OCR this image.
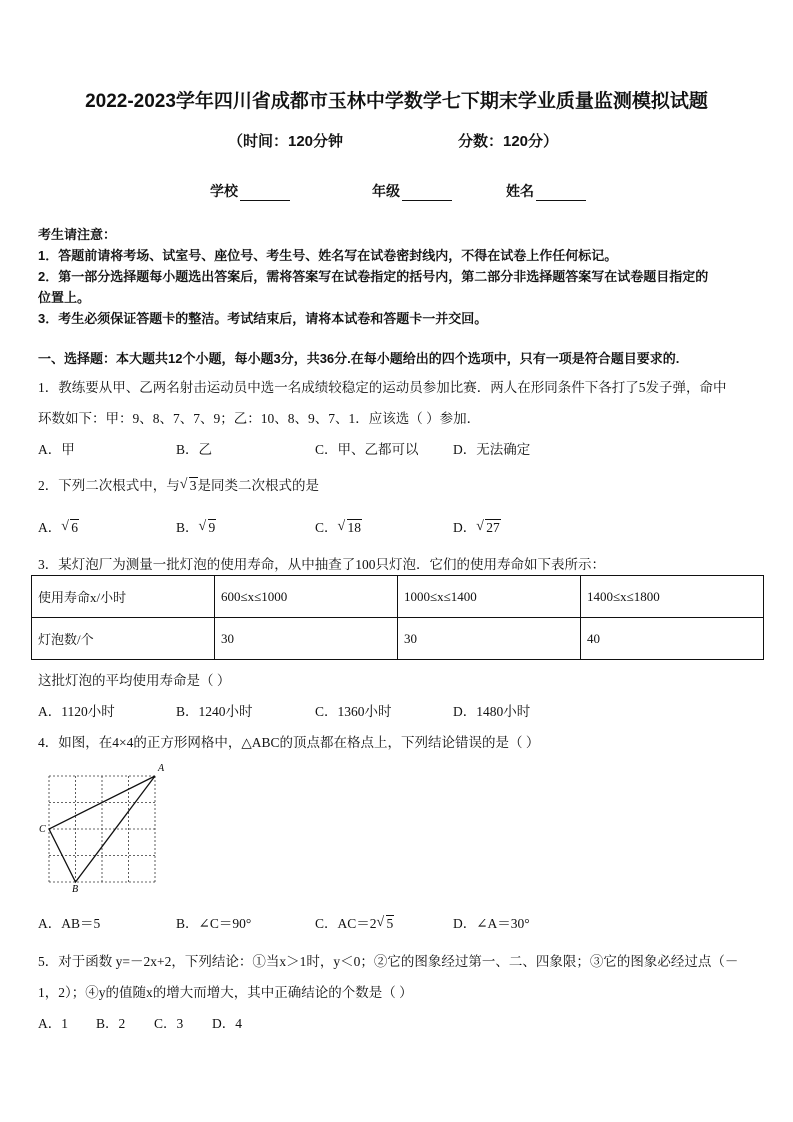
2022-2023学年四川省成都市玉林中学数学七下期末学业质量监测模拟试题
（时间：120分钟	分数：120分）
学校	年级	姓名
考生请注意：
1．答题前请将考场、试室号、座位号、考生号、姓名写在试卷密封线内，不得在试卷上作任何标记。
2．第一部分选择题每小题选出答案后，需将答案写在试卷指定的括号内，第二部分非选择题答案写在试卷题目指定的
位置上。
3．考生必须保证答题卡的整洁。考试结束后，请将本试卷和答题卡一并交回。
一、选择题：本大题共12个小题，每小题3分，共36分.在每小题给出的四个选项中，只有一项是符合题目要求的.
1．教练要从甲、乙两名射击运动员中选一名成绩较稳定的运动员参加比赛．两人在形同条件下各打了5发子弹，命中
环数如下：甲：9、8、7、7、9；乙：10、8、9、7、1．应该选（ ）参加．
A．甲	B．乙	C．甲、乙都可以	D．无法确定
2．下列二次根式中，与 √ 3是同类二次根式的是
A． √ 6	B． √ 9	C． √ 18	D． √ 27
3．某灯泡厂为测量一批灯泡的使用寿命，从中抽查了100只灯泡．它们的使用寿命如下表所示：
使用寿命x/小时	600≤x≤1000	1000≤x≤1400	1400≤x≤1800
灯泡数/个	30	30	40
这批灯泡的平均使用寿命是（ ）
A．1120小时	B．1240小时	C．1360小时	D．1480小时
4．如图，在4×4的正方形网格中，△ABC的顶点都在格点上，下列结论错误的是（ ）
A
C
B
A．AB＝5	B．∠C＝90°	C．AC＝2 √ 5	D．∠A＝30°
5．对于函数 y=－2x+2，下列结论：①当x＞1时，y＜0；②它的图象经过第一、二、四象限；③它的图象必经过点（－
1，2）；④y的值随x的增大而增大，其中正确结论的个数是（ ）
A．1 B．2 C．3 D．4
